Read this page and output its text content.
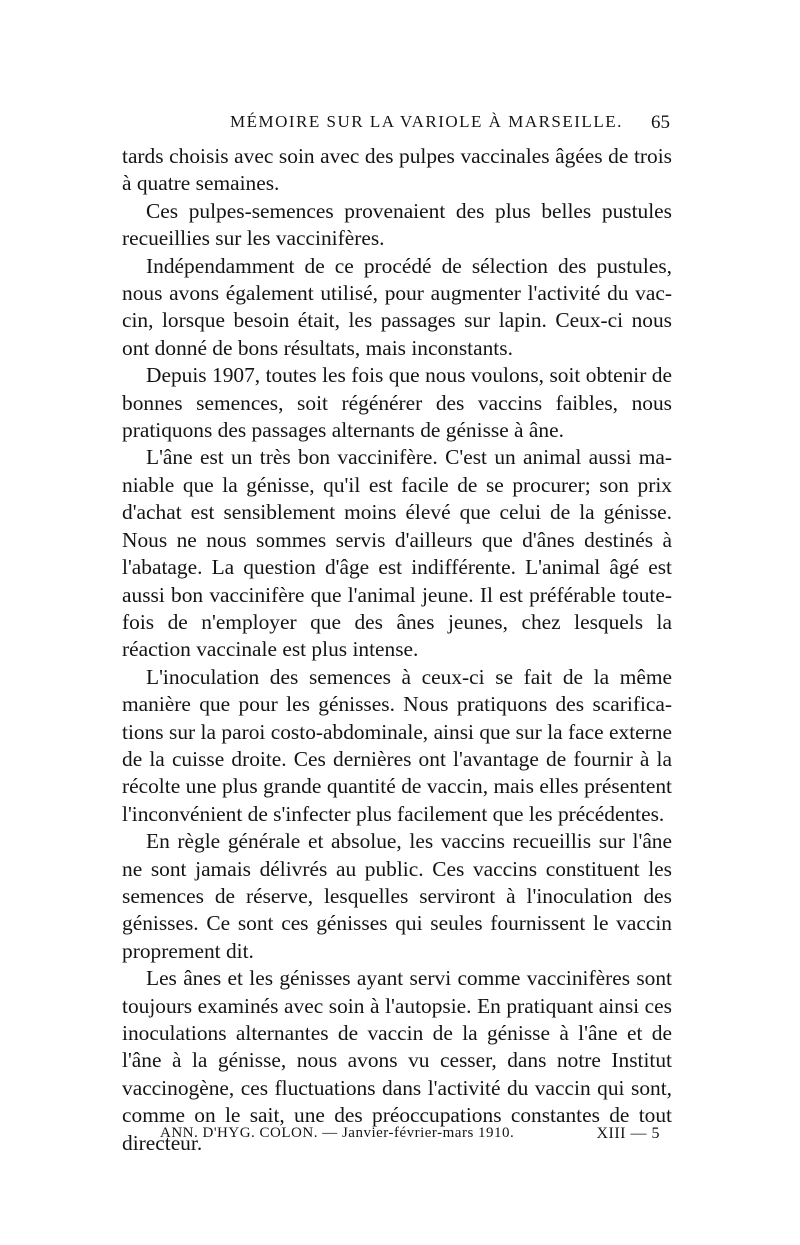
MÉMOIRE SUR LA VARIOLE À MARSEILLE. 65

tards choisis avec soin avec des pulpes vaccinales âgées de trois à quatre semaines.

Ces pulpes-semences provenaient des plus belles pustules recueillies sur les vaccinifères.

Indépendamment de ce procédé de sélection des pustules, nous avons également utilisé, pour augmenter l'activité du vaccin, lorsque besoin était, les passages sur lapin. Ceux-ci nous ont donné de bons résultats, mais inconstants.

Depuis 1907, toutes les fois que nous voulons, soit obtenir de bonnes semences, soit régénérer des vaccins faibles, nous pratiquons des passages alternants de génisse à âne.

L'âne est un très bon vaccinifère. C'est un animal aussi maniable que la génisse, qu'il est facile de se procurer; son prix d'achat est sensiblement moins élevé que celui de la génisse. Nous ne nous sommes servis d'ailleurs que d'ânes destinés à l'abatage. La question d'âge est indifférente. L'animal âgé est aussi bon vaccinifère que l'animal jeune. Il est préférable toutefois de n'employer que des ânes jeunes, chez lesquels la réaction vaccinale est plus intense.

L'inoculation des semences à ceux-ci se fait de la même manière que pour les génisses. Nous pratiquons des scarifications sur la paroi costo-abdominale, ainsi que sur la face externe de la cuisse droite. Ces dernières ont l'avantage de fournir à la récolte une plus grande quantité de vaccin, mais elles présentent l'inconvénient de s'infecter plus facilement que les précédentes.

En règle générale et absolue, les vaccins recueillis sur l'âne ne sont jamais délivrés au public. Ces vaccins constituent les semences de réserve, lesquelles serviront à l'inoculation des génisses. Ce sont ces génisses qui seules fournissent le vaccin proprement dit.

Les ânes et les génisses ayant servi comme vaccinifères sont toujours examinés avec soin à l'autopsie. En pratiquant ainsi ces inoculations alternantes de vaccin de la génisse à l'âne et de l'âne à la génisse, nous avons vu cesser, dans notre Institut vaccinogène, ces fluctuations dans l'activité du vaccin qui sont, comme on le sait, une des préoccupations constantes de tout directeur.

ANN. D'HYG. COLON. — Janvier-février-mars 1910.	XIII — 5
